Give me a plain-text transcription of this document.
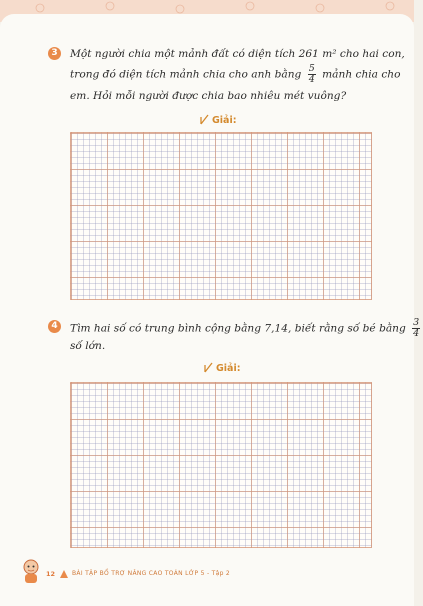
3	Một người chia một mảnh đất có diện tích 261 m² cho hai con,
trong đó diện tích mảnh chia cho anh bằng $\frac{5}{4}$ mảnh chia cho
em. Hỏi mỗi người được chia bao nhiêu mét vuông?
Giải:
4	Tìm hai số có trung bình cộng bằng 7,14, biết rằng số bé bằng $\frac{3}{4}$
số lớn.
Giải:
12	BÀI TẬP BỔ TRỢ NÂNG CAO TOÁN LỚP 5 - Tập 2
